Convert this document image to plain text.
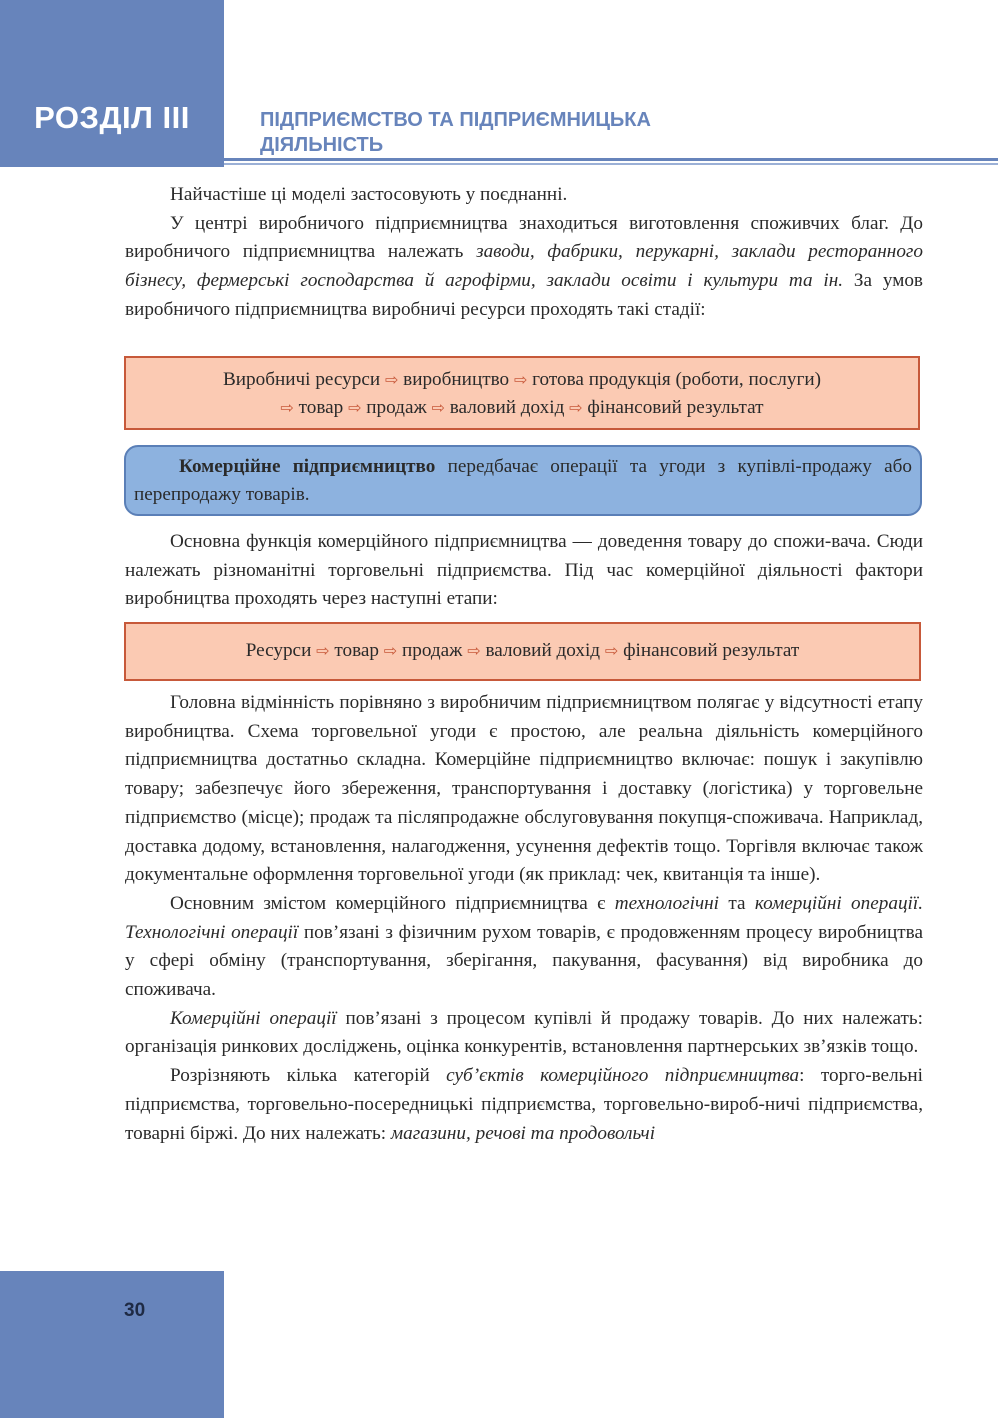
РОЗДІЛ ІІІ	ПІДПРИЄМСТВО ТА ПІДПРИЄМНИЦЬКА
ДІЯЛЬНІСТЬ

Найчастіше ці моделі застосовують у поєднанні.

У центрі виробничого підприємництва знаходиться виготовлення споживчих благ. До виробничого підприємництва належать заводи, фабрики, перукарні, заклади ресторанного бізнесу, фермерські господарства й агрофірми, заклади освіти і культури та ін. За умов виробничого підприємництва виробничі ресурси проходять такі стадії:

Виробничі ресурси ⇨ виробництво ⇨ готова продукція (роботи, послуги)
⇨ товар ⇨ продаж ⇨ валовий дохід ⇨ фінансовий результат

Комерційне підприємництво передбачає операції та угоди з купівлі-продажу або перепродажу товарів.

Основна функція комерційного підприємництва — доведення товару до спожи-вача. Сюди належать різноманітні торговельні підприємства. Під час комерційної діяльності фактори виробництва проходять через наступні етапи:

Ресурси ⇨ товар ⇨ продаж ⇨ валовий дохід ⇨ фінансовий результат

Головна відмінність порівняно з виробничим підприємництвом полягає у відсутності етапу виробництва. Схема торговельної угоди є простою, але реальна діяльність комерційного підприємництва достатньо складна. Комерційне підприємництво включає: пошук і закупівлю товару; забезпечує його збереження, транспортування і доставку (логістика) у торговельне підприємство (місце); продаж та післяпродажне обслуговування покупця-споживача. Наприклад, доставка додому, встановлення, налагодження, усунення дефектів тощо. Торгівля включає також документальне оформлення торговельної угоди (як приклад: чек, квитанція та інше).

Основним змістом комерційного підприємництва є технологічні та комерційні операції. Технологічні операції пов’язані з фізичним рухом товарів, є продовженням процесу виробництва у сфері обміну (транспортування, зберігання, пакування, фасування) від виробника до споживача.

Комерційні операції пов’язані з процесом купівлі й продажу товарів. До них належать: організація ринкових досліджень, оцінка конкурентів, встановлення партнерських зв’язків тощо.

Розрізняють кілька категорій суб’єктів комерційного підприємництва: торго-вельні підприємства, торговельно-посередницькі підприємства, торговельно-вироб-ничі підприємства, товарні біржі. До них належать: магазини, речові та продовольчі

30
